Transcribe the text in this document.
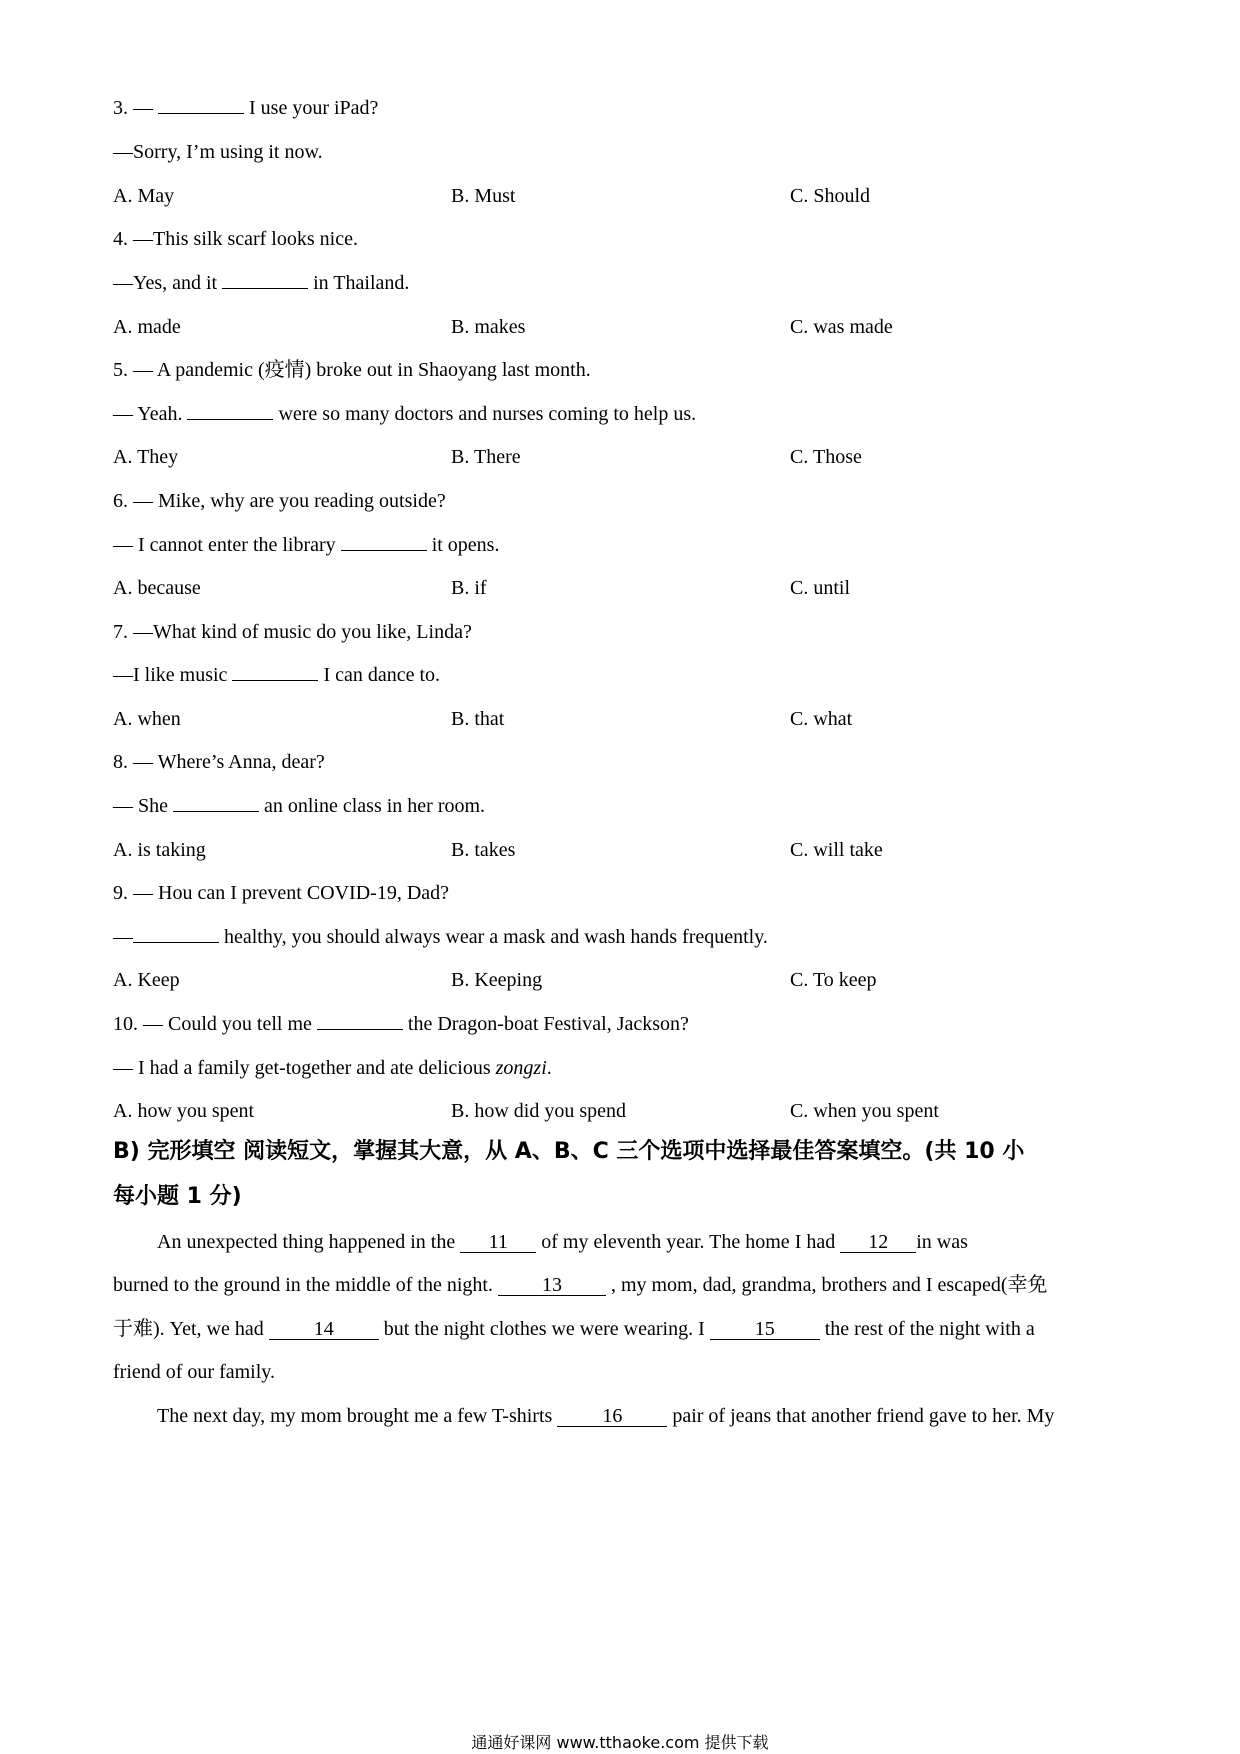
3. —	I use your iPad?
—Sorry, I’m using it now.
A. May	B. Must	C. Should
4. —This silk scarf looks nice.
—Yes, and it	in Thailand.
A. made	B. makes	C. was made
5. — A pandemic (疫情) broke out in Shaoyang last month.
— Yeah.	were so many doctors and nurses coming to help us.
A. They	B. There	C. Those
6. — Mike, why are you reading outside?
— I cannot enter the library	it opens.
A. because	B. if	C. until
7. —What kind of music do you like, Linda?
—I like music	I can dance to.
A. when	B. that	C. what
8. — Where’s Anna, dear?
— She	an online class in her room.
A. is taking	B. takes	C. will take
9. — Hou can I prevent COVID-19, Dad?
—	healthy, you should always wear a mask and wash hands frequently.
A. Keep	B. Keeping	C. To keep
10. — Could you tell me	the Dragon-boat Festival, Jackson?
— I had a family get-together and ate delicious zongzi.
A. how you spent	B. how did you spend	C. when you spent
B) 完形填空 阅读短文，掌握其大意，从 A、B、C 三个选项中选择最佳答案填空。(共 10 小
每小题 1 分)
An unexpected thing happened in the 11 of my eleventh year. The home I had 12 in was
burned to the ground in the middle of the night. 13 , my mom, dad, grandma, brothers and I escaped(幸免
于难). Yet, we had 14 but the night clothes we were wearing. I 15 the rest of the night with a
friend of our family.
The next day, my mom brought me a few T-shirts 16 pair of jeans that another friend gave to her. My
通通好课网 www.tthaoke.com 提供下载
